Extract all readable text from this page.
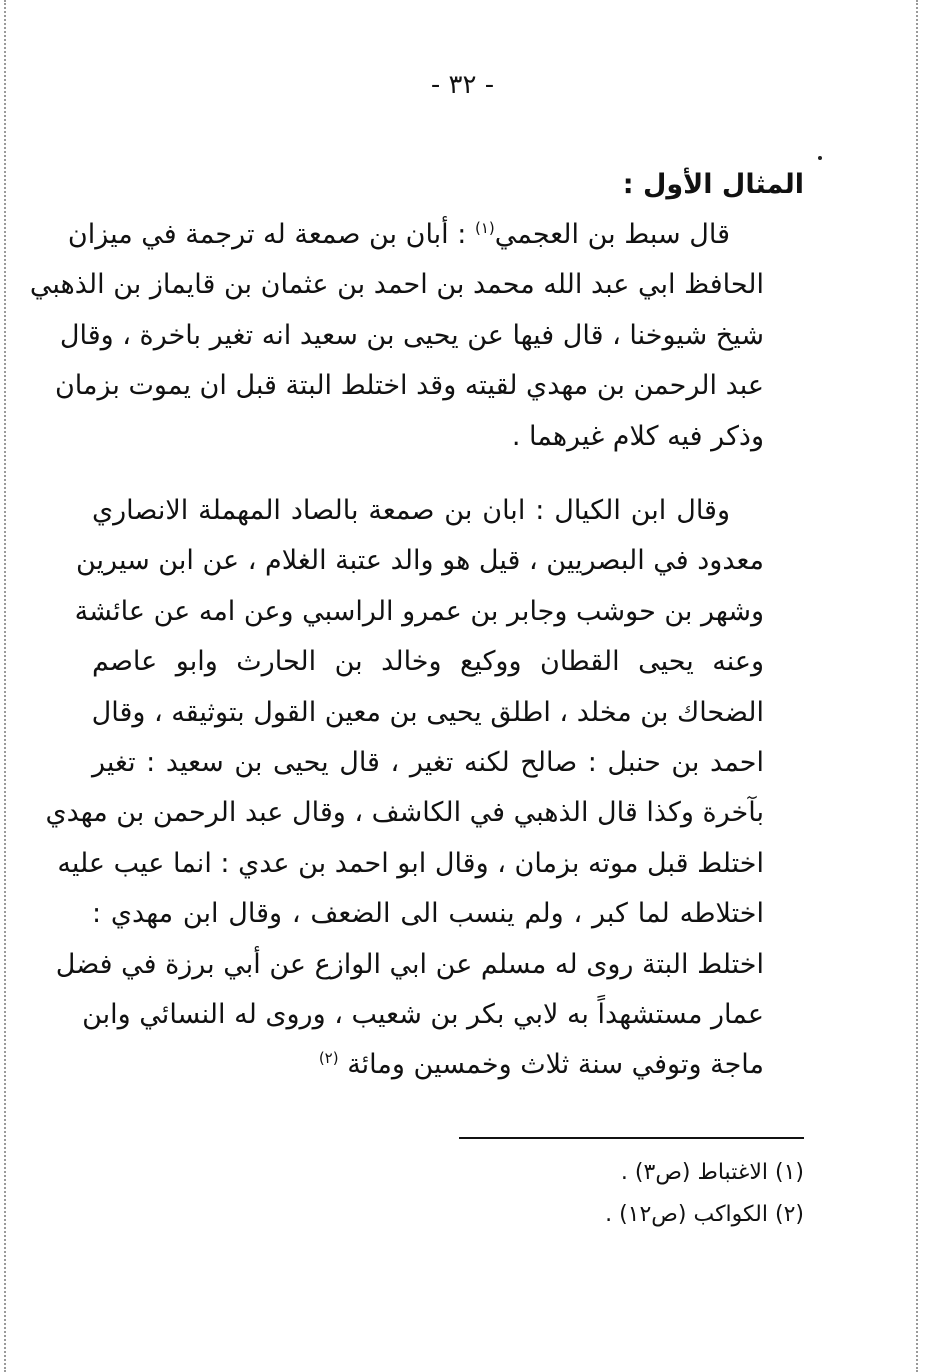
- ٣٢ -
المثال الأول :
قال سبط بن العجمي$^{(١)}$ : أبان بن صمعة له ترجمة في ميزان
الحافظ ابي عبد الله محمد بن احمد بن عثمان بن قايماز بن الذهبي
شيخ شيوخنا ، قال فيها عن يحيى بن سعيد انه تغير باخرة ، وقال
عبد الرحمن بن مهدي لقيته وقد اختلط البتة قبل ان يموت بزمان
وذكر فيه كلام غيرهما .
وقال ابن الكيال : ابان بن صمعة بالصاد المهملة الانصاري
معدود في البصريين ، قيل هو والد عتبة الغلام ، عن ابن سيرين
وشهر بن حوشب وجابر بن عمرو الراسبي وعن امه عن عائشة
وعنه يحيى القطان ووكيع وخالد بن الحارث وابو عاصم
الضحاك بن مخلد ، اطلق يحيى بن معين القول بتوثيقه ، وقال
احمد بن حنبل : صالح لكنه تغير ، قال يحيى بن سعيد : تغير
بآخرة وكذا قال الذهبي في الكاشف ، وقال عبد الرحمن بن مهدي
اختلط قبل موته بزمان ، وقال ابو احمد بن عدي : انما عيب عليه
اختلاطه لما كبر ، ولم ينسب الى الضعف ، وقال ابن مهدي :
اختلط البتة روى له مسلم عن ابي الوازع عن أبي برزة في فضل
عمار مستشهداً به لابي بكر بن شعيب ، وروى له النسائي وابن
ماجة وتوفي سنة ثلاث وخمسين ومائة $^{(٢)}$
(١) الاغتباط (ص٣) .
(٢) الكواكب (ص١٢) .
